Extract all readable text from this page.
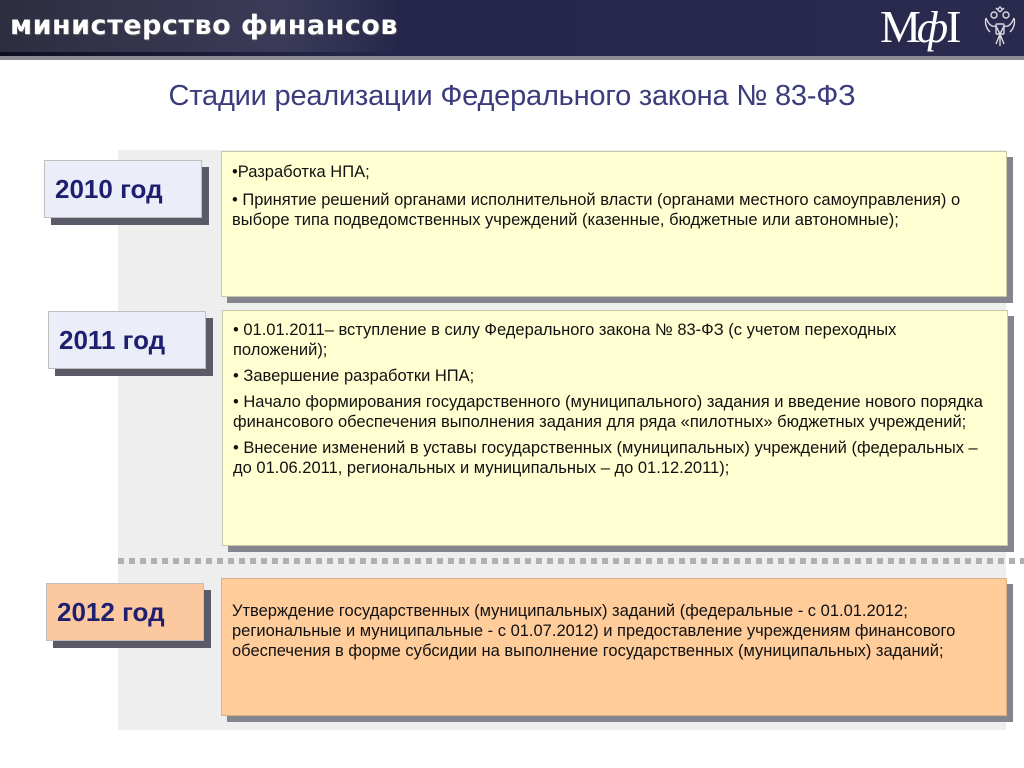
министерство финансов	МфI
Стадии реализации Федерального закона № 83-ФЗ
2010 год

•Разработка НПА;

• Принятие решений органами исполнительной власти (органами местного самоуправления) о выборе типа подведомственных учреждений (казенные, бюджетные или автономные);

2011 год	• 01.01.2011– вступление в силу Федерального закона № 83-ФЗ (с учетом переходных положений);

• Завершение разработки НПА;

• Начало формирования государственного (муниципального) задания и введение нового порядка финансового обеспечения выполнения задания для ряда «пилотных» бюджетных учреждений;

• Внесение изменений в уставы государственных (муниципальных) учреждений (федеральных – до 01.06.2011, региональных и муниципальных – до 01.12.2011);

2012 год	Утверждение государственных (муниципальных) заданий (федеральные - с 01.01.2012; региональные и муниципальные - с 01.07.2012) и предоставление учреждениям финансового обеспечения в форме субсидии на выполнение государственных (муниципальных) заданий;
